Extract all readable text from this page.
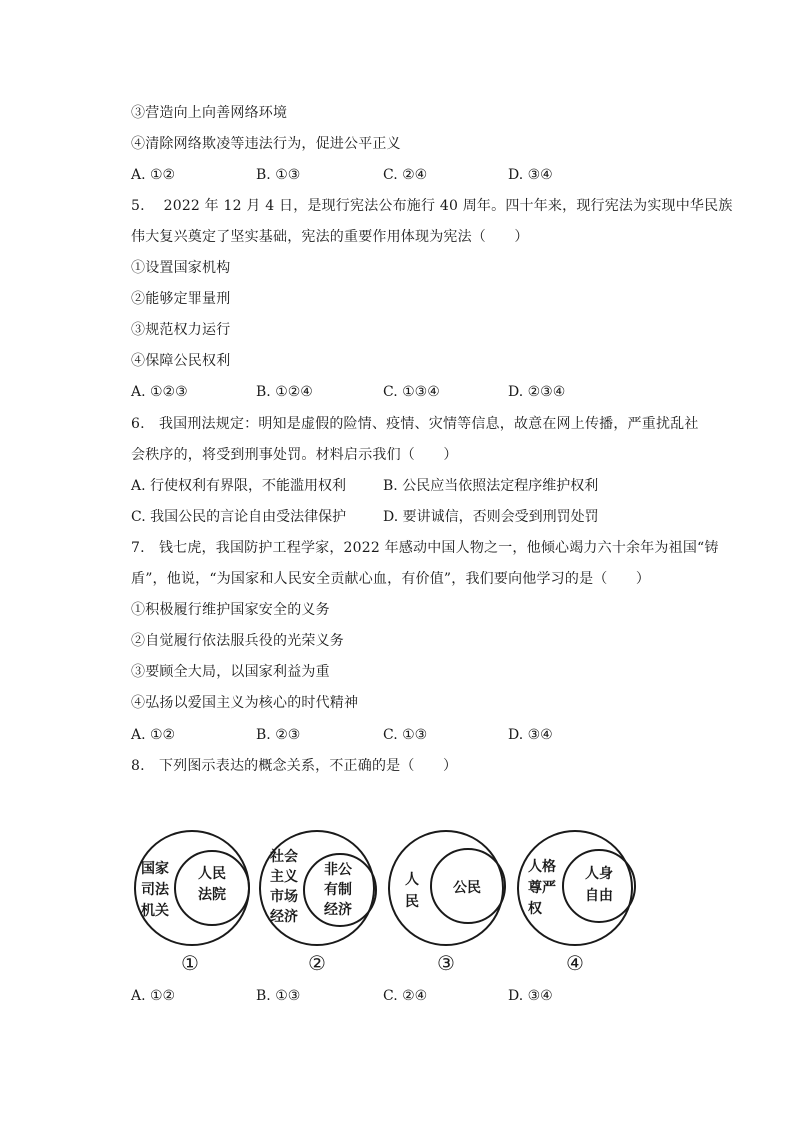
③营造向上向善网络环境
④清除网络欺凌等违法行为，促进公平正义
A. ①②	B. ①③	C. ②④	D. ③④
5.　 2022 年 12 月 4 日，是现行宪法公布施行 40 周年。四十年来，现行宪法为实现中华民族
伟大复兴奠定了坚实基础，宪法的重要作用体现为宪法（　　）
①设置国家机构
②能够定罪量刑
③规范权力运行
④保障公民权利
A. ①②③	B. ①②④	C. ①③④	D. ②③④
6.　我国刑法规定：明知是虚假的险情、疫情、灾情等信息，故意在网上传播，严重扰乱社
会秩序的，将受到刑事处罚。材料启示我们（　　）
A. 行使权利有界限，不能滥用权利	B. 公民应当依照法定程序维护权利
C. 我国公民的言论自由受法律保护	D. 要讲诚信，否则会受到刑罚处罚
7.　钱七虎，我国防护工程学家，2022 年感动中国人物之一，他倾心竭力六十余年为祖国“铸
盾”，他说，“为国家和人民安全贡献心血，有价值”，我们要向他学习的是（　　）
①积极履行维护国家安全的义务
②自觉履行依法服兵役的光荣义务
③要顾全大局，以国家利益为重
④弘扬以爱国主义为核心的时代精神
A. ①②	B. ②③	C. ①③	D. ③④
8.　下列图示表达的概念关系，不正确的是（　　）
国家
司法
机关
人民
法院
①
社会
主义
市场
经济
非公
有制
经济
②
人
民
公民
③
人格
尊严
权
人身
自由
④
A. ①②	B. ①③	C. ②④	D. ③④
